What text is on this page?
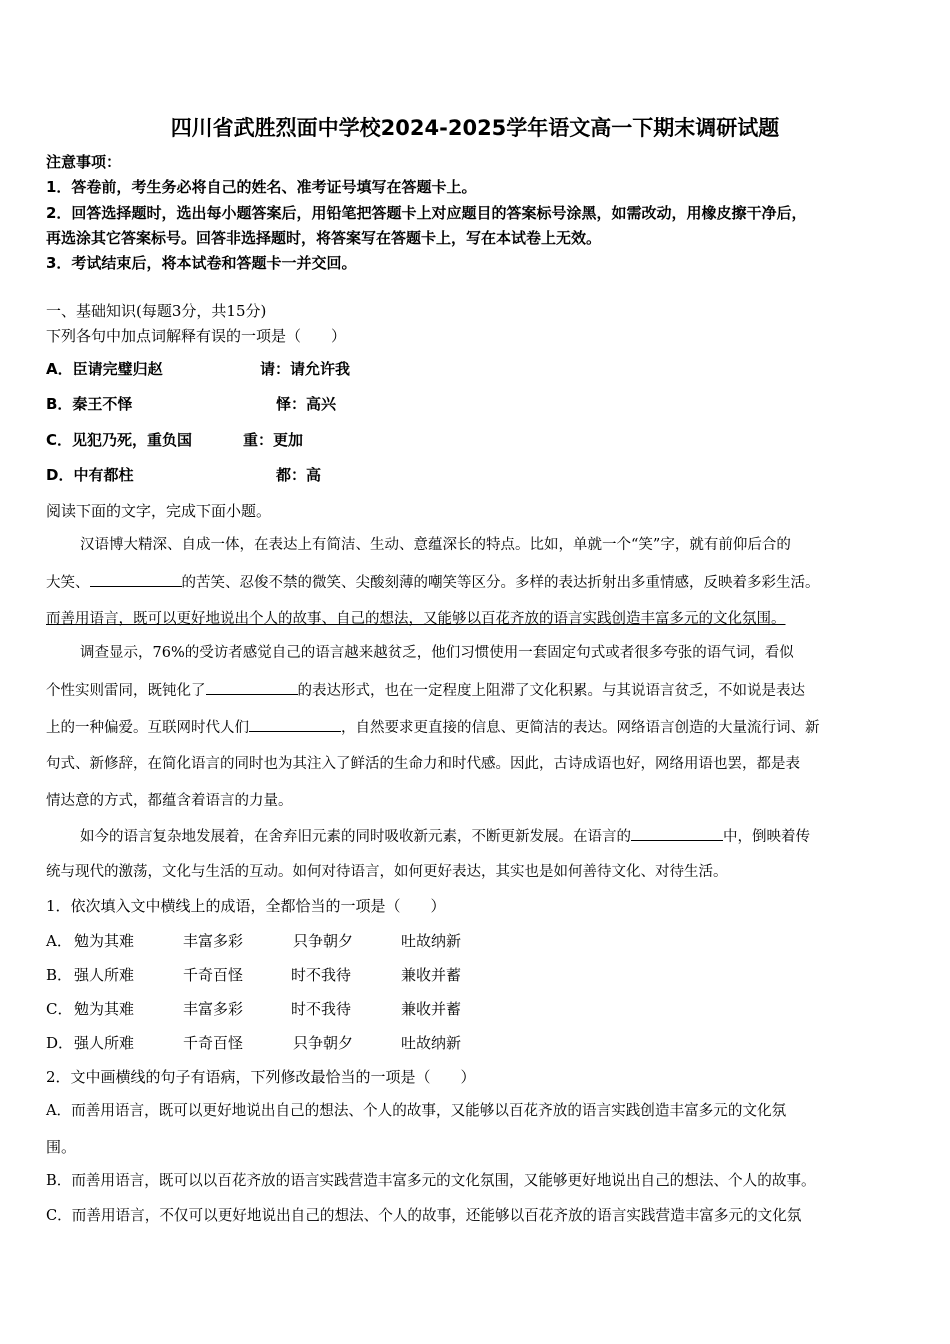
四川省武胜烈面中学校2024-2025学年语文高一下期末调研试题
注意事项：
1．答卷前，考生务必将自己的姓名、准考证号填写在答题卡上。
2．回答选择题时，选出每小题答案后，用铅笔把答题卡上对应题目的答案标号涂黑，如需改动，用橡皮擦干净后，
再选涂其它答案标号。回答非选择题时，将答案写在答题卡上，写在本试卷上无效。
3．考试结束后，将本试卷和答题卡一并交回。
一、基础知识(每题3分，共15分)
下列各句中加点词解释有误的一项是（　　）
A．臣请完璧归赵	请：请允许我
B．秦王不怿	怿：高兴
C．见犯乃死，重负国	重：更加
D．中有都柱	都：高
阅读下面的文字，完成下面小题。
汉语博大精深、自成一体，在表达上有简洁、生动、意蕴深长的特点。比如，单就一个“笑”字，就有前仰后合的
大笑、	的苦笑、忍俊不禁的微笑、尖酸刻薄的嘲笑等区分。多样的表达折射出多重情感，反映着多彩生活。
而善用语言，既可以更好地说出个人的故事、自己的想法，又能够以百花齐放的语言实践创造丰富多元的文化氛围。
调查显示，76%的受访者感觉自己的语言越来越贫乏，他们习惯使用一套固定句式或者很多夸张的语气词，看似
个性实则雷同，既钝化了	的表达形式，也在一定程度上阻滞了文化积累。与其说语言贫乏，不如说是表达
上的一种偏爱。互联网时代人们	，自然要求更直接的信息、更简洁的表达。网络语言创造的大量流行词、新
句式、新修辞，在简化语言的同时也为其注入了鲜活的生命力和时代感。因此，古诗成语也好，网络用语也罢，都是表
情达意的方式，都蕴含着语言的力量。
如今的语言复杂地发展着，在舍弃旧元素的同时吸收新元素，不断更新发展。在语言的	中，倒映着传
统与现代的激荡，文化与生活的互动。如何对待语言，如何更好表达，其实也是如何善待文化、对待生活。
1．依次填入文中横线上的成语，全都恰当的一项是（　　）
A． 勉为其难	丰富多彩	只争朝夕	吐故纳新
B． 强人所难	千奇百怪	时不我待	兼收并蓄
C． 勉为其难	丰富多彩	时不我待	兼收并蓄
D． 强人所难	千奇百怪	只争朝夕	吐故纳新
2．文中画横线的句子有语病，下列修改最恰当的一项是（　　）
A．而善用语言，既可以更好地说出自己的想法、个人的故事，又能够以百花齐放的语言实践创造丰富多元的文化氛
围。
B．而善用语言，既可以以百花齐放的语言实践营造丰富多元的文化氛围，又能够更好地说出自己的想法、个人的故事。
C．而善用语言，不仅可以更好地说出自己的想法、个人的故事，还能够以百花齐放的语言实践营造丰富多元的文化氛
